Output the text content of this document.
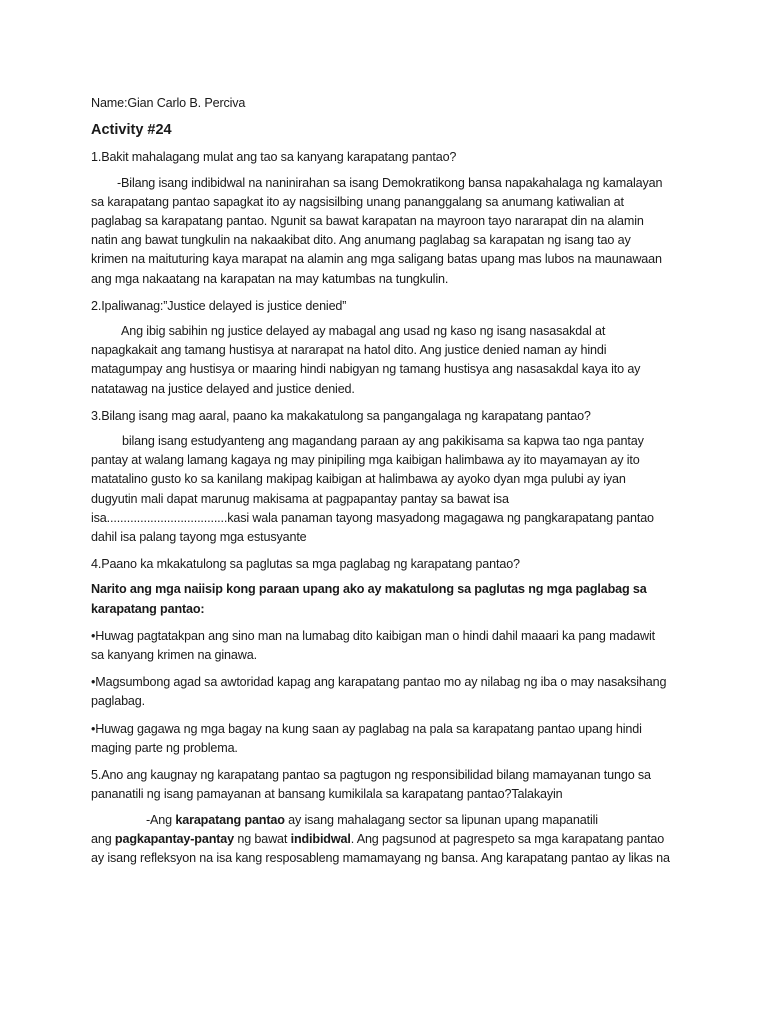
Name:Gian Carlo B. Perciva
Activity #24
1.Bakit mahalagang mulat ang tao sa kanyang karapatang pantao?
-Bilang isang indibidwal na naninirahan sa isang Demokratikong bansa napakahalaga ng kamalayan
sa karapatang pantao sapagkat ito ay nagsisilbing unang pananggalang sa anumang katiwalian at
paglabag sa karapatang pantao. Ngunit sa bawat karapatan na mayroon tayo nararapat din na alamin
natin ang bawat tungkulin na nakaakibat dito. Ang anumang paglabag sa karapatan ng isang tao ay
krimen na maituturing kaya marapat na alamin ang mga saligang batas upang mas lubos na maunawaan
ang mga nakaatang na karapatan na may katumbas na tungkulin.
2.Ipaliwanag:”Justice delayed is justice denied”
Ang ibig sabihin ng justice delayed ay mabagal ang usad ng kaso ng isang nasasakdal at
napagkakait ang tamang hustisya at nararapat na hatol dito. Ang justice denied naman ay hindi
matagumpay ang hustisya or maaring hindi nabigyan ng tamang hustisya ang nasasakdal kaya ito ay
natatawag na justice delayed and justice denied.
3.Bilang isang mag aaral, paano ka makakatulong sa pangangalaga ng karapatang pantao?
bilang isang estudyanteng ang magandang paraan ay ang pakikisama sa kapwa tao nga pantay
pantay at walang lamang kagaya ng may pinipiling mga kaibigan halimbawa ay ito mayamayan ay ito
matatalino gusto ko sa kanilang makipag kaibigan at halimbawa ay ayoko dyan mga pulubi ay iyan
dugyutin mali dapat marunug makisama at pagpapantay pantay sa bawat isa
isa....................................kasi wala panaman tayong masyadong magagawa ng pangkarapatang pantao
dahil isa palang tayong mga estusyante
4.Paano ka mkakatulong sa paglutas sa mga paglabag ng karapatang pantao?
Narito ang mga naiisip kong paraan upang ako ay makatulong sa paglutas ng mga paglabag sa
karapatang pantao:
•Huwag pagtatakpan ang sino man na lumabag dito kaibigan man o hindi dahil maaari ka pang madawit
sa kanyang krimen na ginawa.
•Magsumbong agad sa awtoridad kapag ang karapatang pantao mo ay nilabag ng iba o may nasaksihang
paglabag.
•Huwag gagawa ng mga bagay na kung saan ay paglabag na pala sa karapatang pantao upang hindi
maging parte ng problema.
5.Ano ang kaugnay ng karapatang pantao sa pagtugon ng responsibilidad bilang mamayanan tungo sa
pananatili ng isang pamayanan at bansang kumikilala sa karapatang pantao?Talakayin
-Ang karapatang pantao ay isang mahalagang sector sa lipunan upang mapanatili
ang pagkapantay-pantay ng bawat indibidwal. Ang pagsunod at pagrespeto sa mga karapatang pantao
ay isang refleksyon na isa kang resposableng mamamayang ng bansa. Ang karapatang pantao ay likas na
